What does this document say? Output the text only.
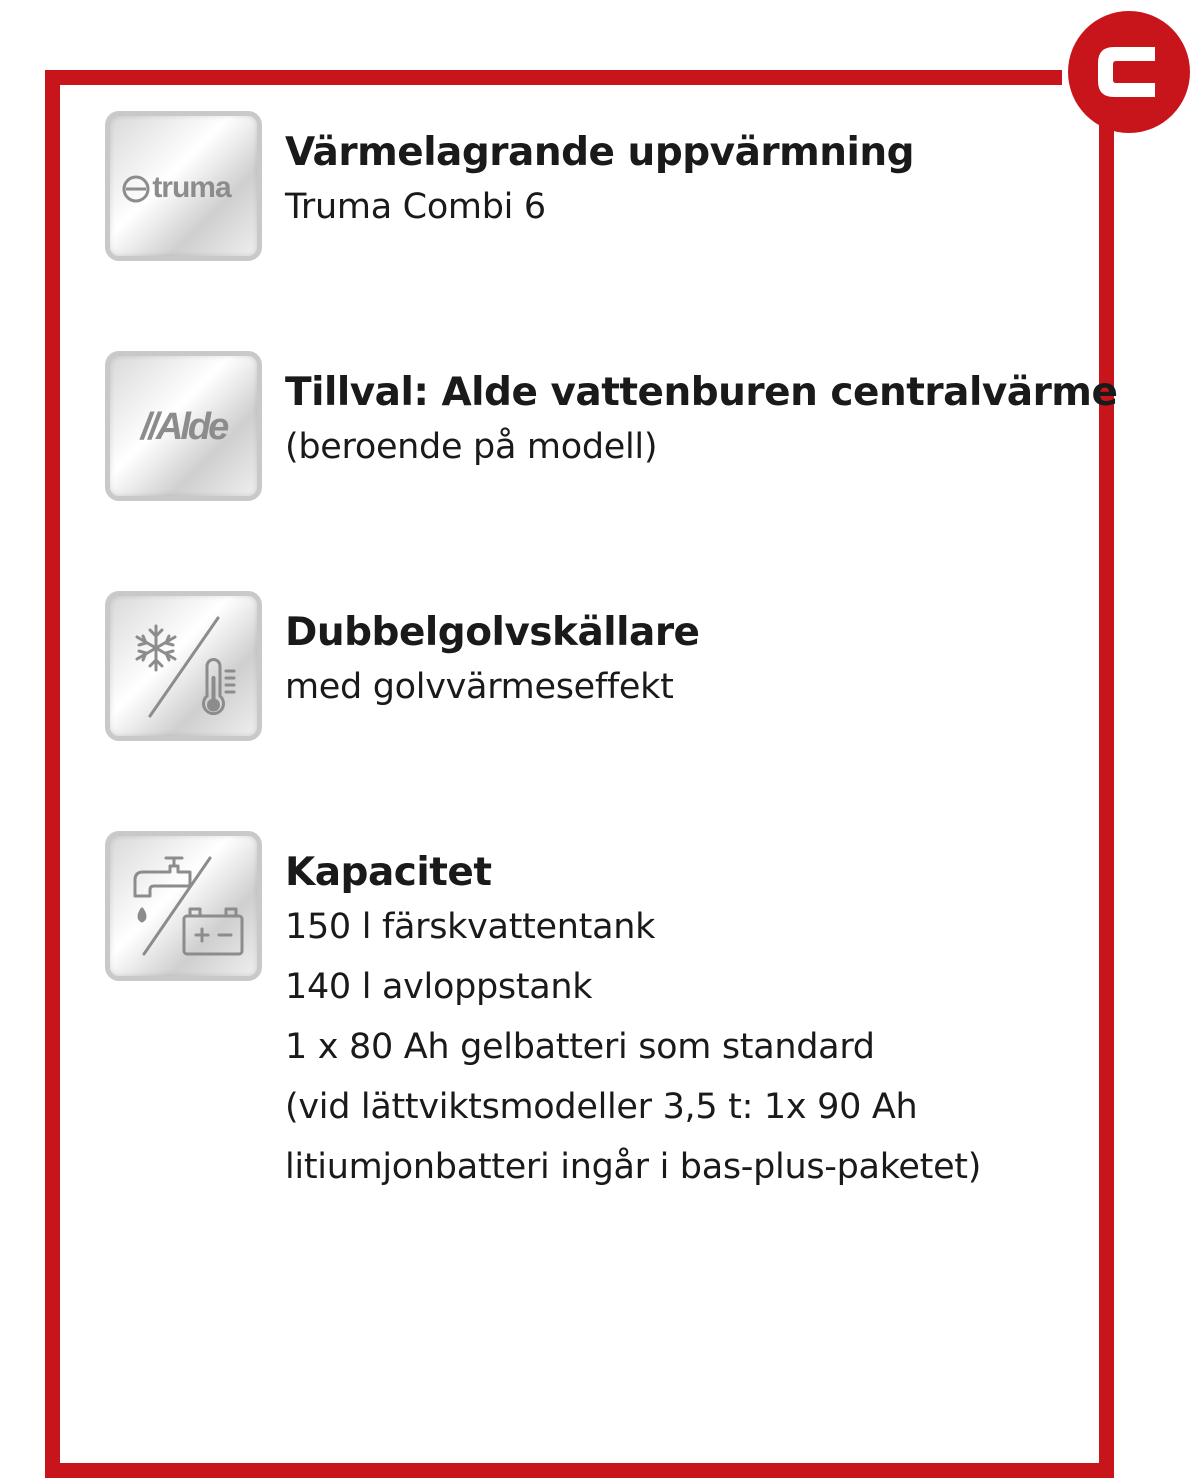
truma
Värmelagrande uppvärmning
Truma Combi 6
//Alde
Tillval: Alde vattenburen centralvärme
(beroende på modell)
Dubbelgolvskällare
med golvvärmeseffekt
Kapacitet
150 l färskvattentank
140 l avloppstank
1 x 80 Ah gelbatteri som standard
(vid lättviktsmodeller 3,5 t: 1x 90 Ah
litiumjonbatteri ingår i bas-plus-paketet)
